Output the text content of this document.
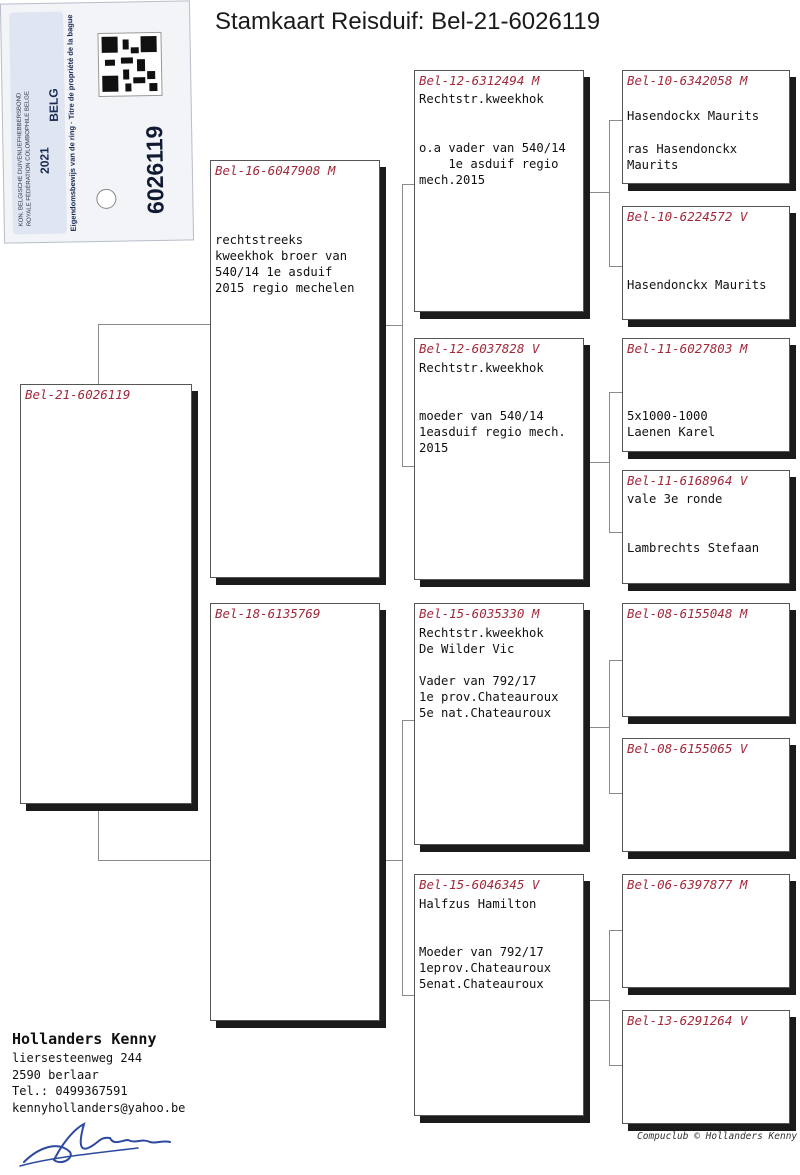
KON. BELGISCHE DUIVENLIEFHEBBERSBOND ROYALE FÉDÉRATION COLOMBOPHILE BELGE 2021
BELG Eigendomsbewijs van de ring · Titre de propriété de la bague	6026119
Stamkaart Reisduif: Bel-21-6026119
Bel-21-6026119
Bel-16-6047908 M
rechtstreeks
kweekhok broer van
540/14 1e asduif
2015 regio mechelen
Bel-18-6135769
Bel-12-6312494 M
Rechtstr.kweekhok
o.a vader van 540/14
1e asduif regio
mech.2015
Bel-12-6037828 V
Rechtstr.kweekhok
moeder van 540/14
1easduif regio mech.
2015
Bel-15-6035330 M
Rechtstr.kweekhok
De Wilder Vic
Vader van 792/17
1e prov.Chateauroux
5e nat.Chateauroux
Bel-15-6046345 V
Halfzus Hamilton
Moeder van 792/17
1eprov.Chateauroux
5enat.Chateauroux
Bel-10-6342058 M
Hasendockx Maurits
ras Hasendonckx
Maurits
Bel-10-6224572 V
Hasendonckx Maurits
Bel-11-6027803 M
5x1000-1000
Laenen Karel
Bel-11-6168964 V
vale 3e ronde
Lambrechts Stefaan
Bel-08-6155048 M
Bel-08-6155065 V
Bel-06-6397877 M
Bel-13-6291264 V
Hollanders Kenny
liersesteenweg 244
2590 berlaar
Tel.: 0499367591
kennyhollanders@yahoo.be
Compuclub © Hollanders Kenny
